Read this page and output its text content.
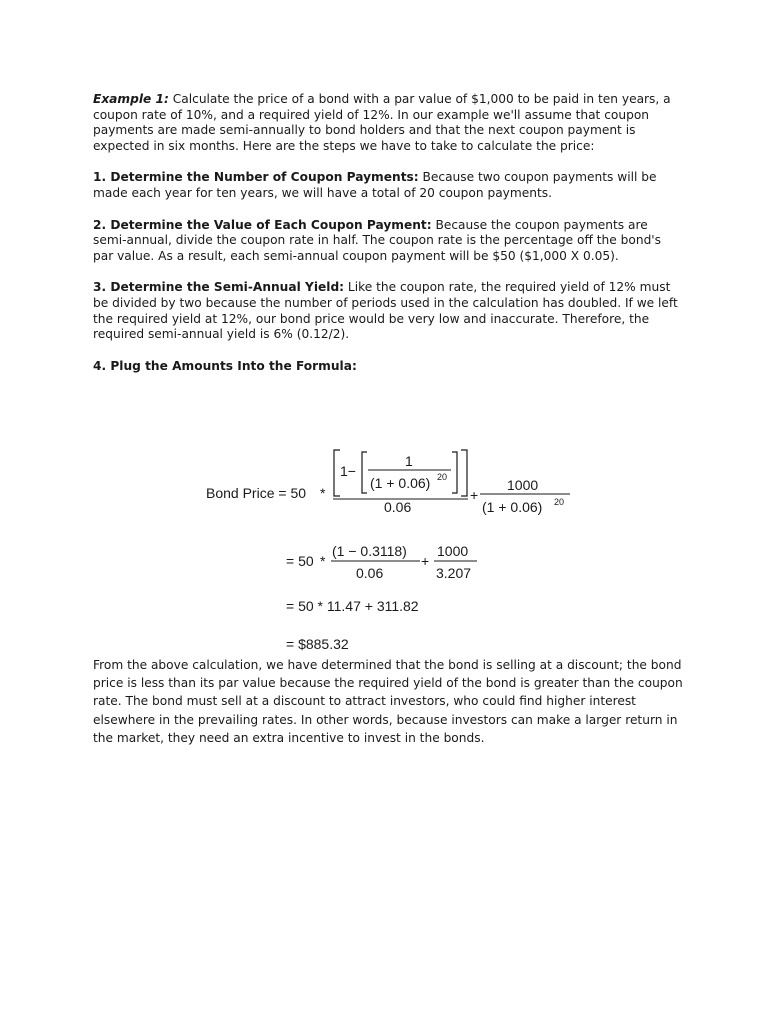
Example 1: Calculate the price of a bond with a par value of $1,000 to be paid in ten years, a coupon rate of 10%, and a required yield of 12%. In our example we'll assume that coupon payments are made semi-annually to bond holders and that the next coupon payment is expected in six months. Here are the steps we have to take to calculate the price:

1. Determine the Number of Coupon Payments: Because two coupon payments will be made each year for ten years, we will have a total of 20 coupon payments.

2. Determine the Value of Each Coupon Payment: Because the coupon payments are semi-annual, divide the coupon rate in half. The coupon rate is the percentage off the bond's par value. As a result, each semi-annual coupon payment will be $50 ($1,000 X 0.05).

3. Determine the Semi-Annual Yield: Like the coupon rate, the required yield of 12% must be divided by two because the number of periods used in the calculation has doubled. If we left the required yield at 12%, our bond price would be very low and inaccurate. Therefore, the required semi-annual yield is 6% (0.12/2).

4. Plug the Amounts Into the Formula:

Bond Price = 50 *
1−
1
(1 + 0.06) 20
0.06
+
1000
(1 + 0.06) 20
= 50 *
(1 − 0.3118)
0.06
+
1000
3.207
= 50 * 11.47 + 311.82
= $885.32

From the above calculation, we have determined that the bond is selling at a discount; the bond price is less than its par value because the required yield of the bond is greater than the coupon rate. The bond must sell at a discount to attract investors, who could find higher interest elsewhere in the prevailing rates. In other words, because investors can make a larger return in the market, they need an extra incentive to invest in the bonds.
